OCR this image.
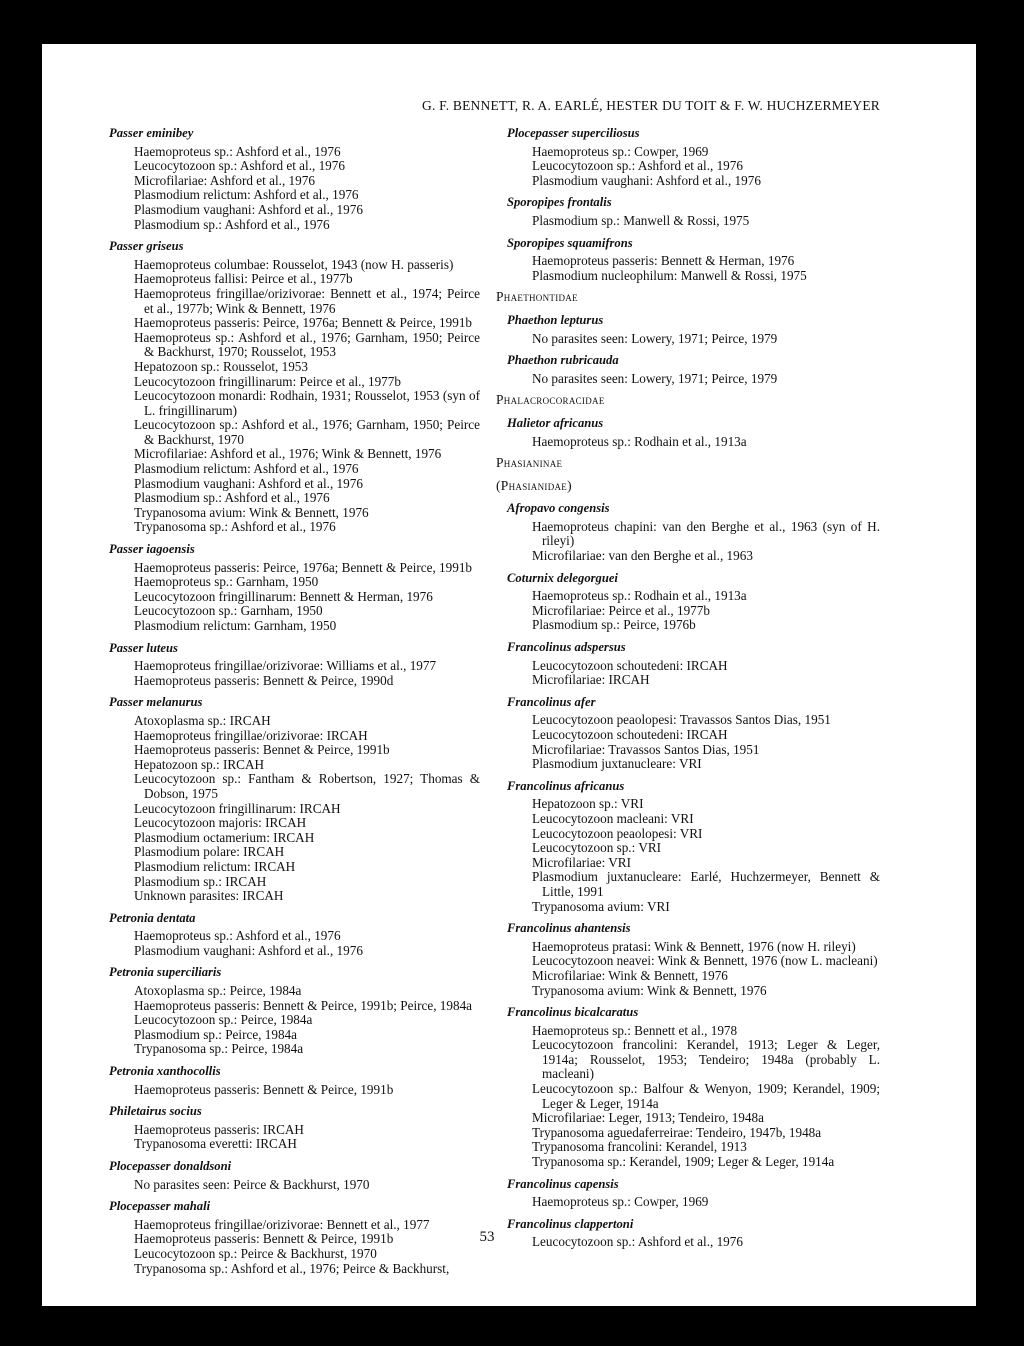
G. F. BENNETT, R. A. EARLÉ, HESTER DU TOIT & F. W. HUCHZERMEYER
Passer eminibey
Haemoproteus sp.: Ashford et al., 1976
Leucocytozoon sp.: Ashford et al., 1976
Microfilariae: Ashford et al., 1976
Plasmodium relictum: Ashford et al., 1976
Plasmodium vaughani: Ashford et al., 1976
Plasmodium sp.: Ashford et al., 1976
Passer griseus
Haemoproteus columbae: Rousselot, 1943 (now H. passeris)
Haemoproteus fallisi: Peirce et al., 1977b
Haemoproteus fringillae/orizivorae: Bennett et al., 1974; Peirce et al., 1977b; Wink & Bennett, 1976
Haemoproteus passeris: Peirce, 1976a; Bennett & Peirce, 1991b
Haemoproteus sp.: Ashford et al., 1976; Garnham, 1950; Peirce & Backhurst, 1970; Rousselot, 1953
Hepatozoon sp.: Rousselot, 1953
Leucocytozoon fringillinarum: Peirce et al., 1977b
Leucocytozoon monardi: Rodhain, 1931; Rousselot, 1953 (syn of L. fringillinarum)
Leucocytozoon sp.: Ashford et al., 1976; Garnham, 1950; Peirce & Backhurst, 1970
Microfilariae: Ashford et al., 1976; Wink & Bennett, 1976
Plasmodium relictum: Ashford et al., 1976
Plasmodium vaughani: Ashford et al., 1976
Plasmodium sp.: Ashford et al., 1976
Trypanosoma avium: Wink & Bennett, 1976
Trypanosoma sp.: Ashford et al., 1976
Passer iagoensis
Haemoproteus passeris: Peirce, 1976a; Bennett & Peirce, 1991b
Haemoproteus sp.: Garnham, 1950
Leucocytozoon fringillinarum: Bennett & Herman, 1976
Leucocytozoon sp.: Garnham, 1950
Plasmodium relictum: Garnham, 1950
Passer luteus
Haemoproteus fringillae/orizivorae: Williams et al., 1977
Haemoproteus passeris: Bennett & Peirce, 1990d
Passer melanurus
Atoxoplasma sp.: IRCAH
Haemoproteus fringillae/orizivorae: IRCAH
Haemoproteus passeris: Bennet & Peirce, 1991b
Hepatozoon sp.: IRCAH
Leucocytozoon sp.: Fantham & Robertson, 1927; Thomas & Dobson, 1975
Leucocytozoon fringillinarum: IRCAH
Leucocytozoon majoris: IRCAH
Plasmodium octamerium: IRCAH
Plasmodium polare: IRCAH
Plasmodium relictum: IRCAH
Plasmodium sp.: IRCAH
Unknown parasites: IRCAH
Petronia dentata
Haemoproteus sp.: Ashford et al., 1976
Plasmodium vaughani: Ashford et al., 1976
Petronia superciliaris
Atoxoplasma sp.: Peirce, 1984a
Haemoproteus passeris: Bennett & Peirce, 1991b; Peirce, 1984a
Leucocytozoon sp.: Peirce, 1984a
Plasmodium sp.: Peirce, 1984a
Trypanosoma sp.: Peirce, 1984a
Petronia xanthocollis
Haemoproteus passeris: Bennett & Peirce, 1991b
Philetairus socius
Haemoproteus passeris: IRCAH
Trypanosoma everetti: IRCAH
Plocepasser donaldsoni
No parasites seen: Peirce & Backhurst, 1970
Plocepasser mahali
Haemoproteus fringillae/orizivorae: Bennett et al., 1977
Haemoproteus passeris: Bennett & Peirce, 1991b
Leucocytozoon sp.: Peirce & Backhurst, 1970
Trypanosoma sp.: Ashford et al., 1976; Peirce & Backhurst,
Plocepasser superciliosus
Haemoproteus sp.: Cowper, 1969
Leucocytozoon sp.: Ashford et al., 1976
Plasmodium vaughani: Ashford et al., 1976
Sporopipes frontalis
Plasmodium sp.: Manwell & Rossi, 1975
Sporopipes squamifrons
Haemoproteus passeris: Bennett & Herman, 1976
Plasmodium nucleophilum: Manwell & Rossi, 1975
Phaethontidae
Phaethon lepturus
No parasites seen: Lowery, 1971; Peirce, 1979
Phaethon rubricauda
No parasites seen: Lowery, 1971; Peirce, 1979
Phalacrocoracidae
Halietor africanus
Haemoproteus sp.: Rodhain et al., 1913a
Phasianinae
(Phasianidae)
Afropavo congensis
Haemoproteus chapini: van den Berghe et al., 1963 (syn of H. rileyi)
Microfilariae: van den Berghe et al., 1963
Coturnix delegorguei
Haemoproteus sp.: Rodhain et al., 1913a
Microfilariae: Peirce et al., 1977b
Plasmodium sp.: Peirce, 1976b
Francolinus adspersus
Leucocytozoon schoutedeni: IRCAH
Microfilariae: IRCAH
Francolinus afer
Leucocytozoon peaolopesi: Travassos Santos Dias, 1951
Leucocytozoon schoutedeni: IRCAH
Microfilariae: Travassos Santos Dias, 1951
Plasmodium juxtanucleare: VRI
Francolinus africanus
Hepatozoon sp.: VRI
Leucocytozoon macleani: VRI
Leucocytozoon peaolopesi: VRI
Leucocytozoon sp.: VRI
Microfilariae: VRI
Plasmodium juxtanucleare: Earlé, Huchzermeyer, Bennett & Little, 1991
Trypanosoma avium: VRI
Francolinus ahantensis
Haemoproteus pratasi: Wink & Bennett, 1976 (now H. rileyi)
Leucocytozoon neavei: Wink & Bennett, 1976 (now L. macleani)
Microfilariae: Wink & Bennett, 1976
Trypanosoma avium: Wink & Bennett, 1976
Francolinus bicalcaratus
Haemoproteus sp.: Bennett et al., 1978
Leucocytozoon francolini: Kerandel, 1913; Leger & Leger, 1914a; Rousselot, 1953; Tendeiro; 1948a (probably L. macleani)
Leucocytozoon sp.: Balfour & Wenyon, 1909; Kerandel, 1909; Leger & Leger, 1914a
Microfilariae: Leger, 1913; Tendeiro, 1948a
Trypanosoma aguedaferreirae: Tendeiro, 1947b, 1948a
Trypanosoma francolini: Kerandel, 1913
Trypanosoma sp.: Kerandel, 1909; Leger & Leger, 1914a
Francolinus capensis
Haemoproteus sp.: Cowper, 1969
Francolinus clappertoni
Leucocytozoon sp.: Ashford et al., 1976
53
